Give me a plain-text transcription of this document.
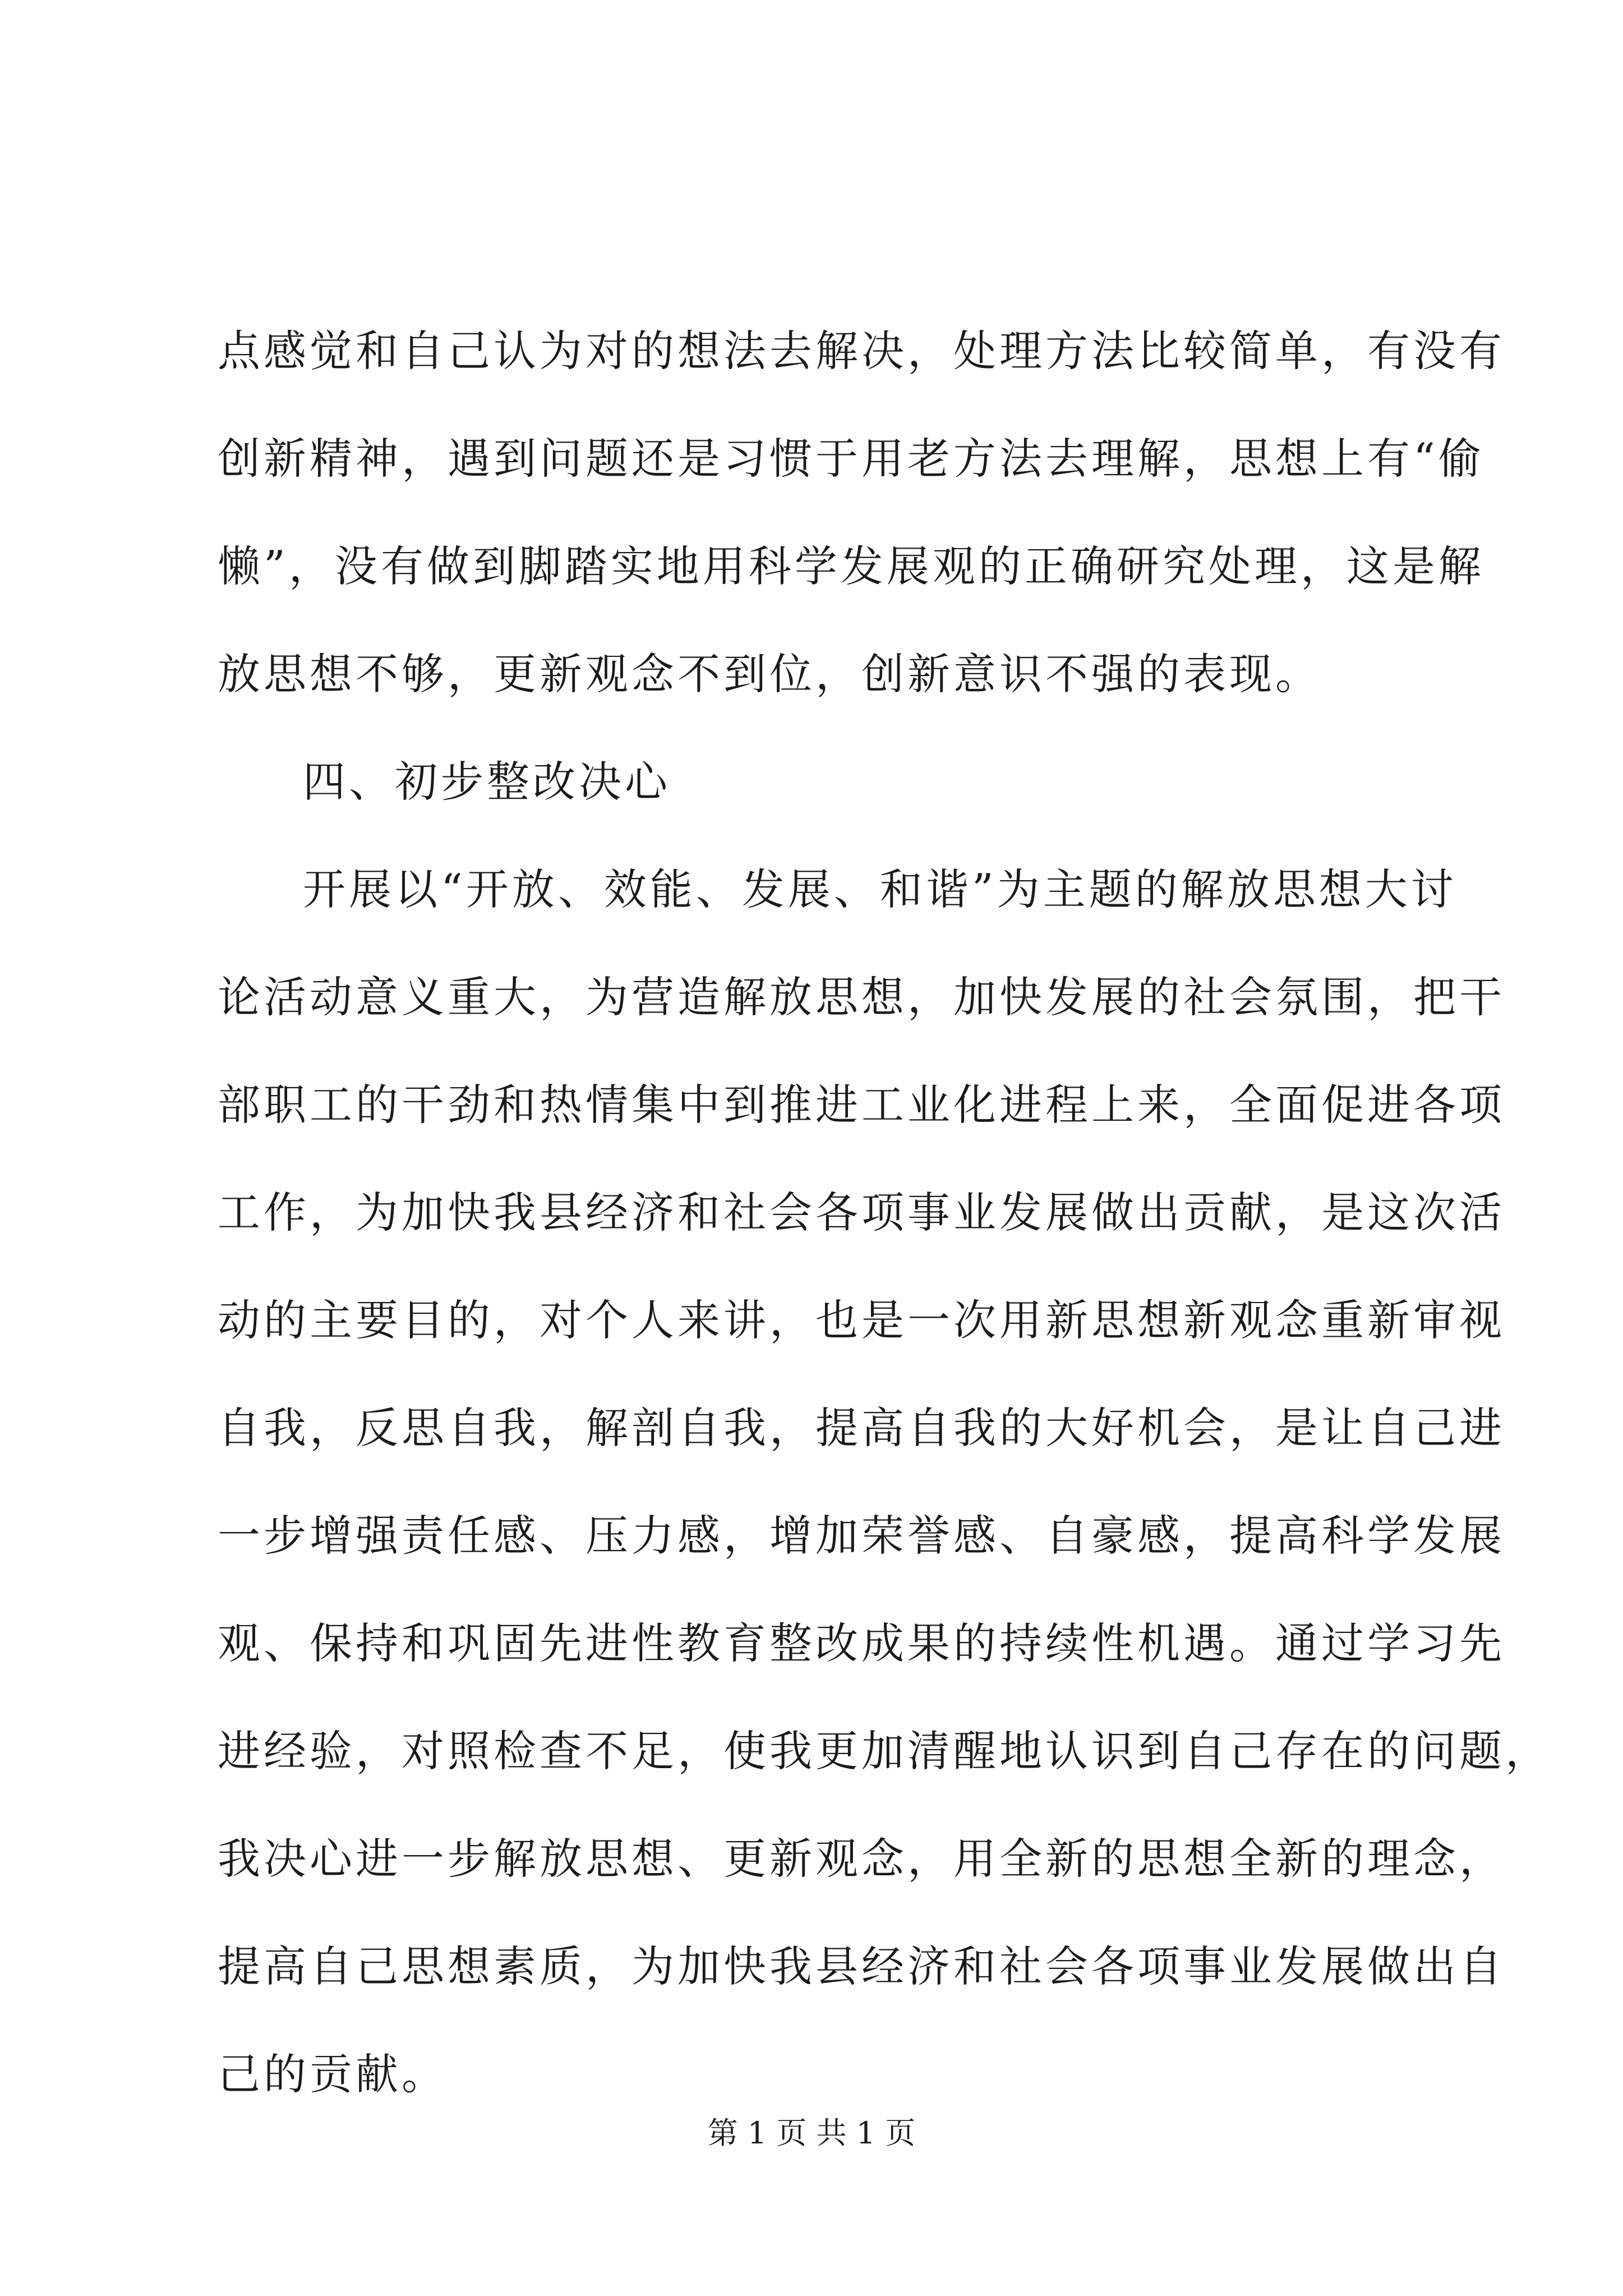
点感觉和自己认为对的想法去解决，处理方法比较简单，有没有
创新精神，遇到问题还是习惯于用老方法去理解，思想上有“偷
懒”，没有做到脚踏实地用科学发展观的正确研究处理，这是解
放思想不够，更新观念不到位，创新意识不强的表现。
四、初步整改决心
开展以“开放、效能、发展、和谐”为主题的解放思想大讨
论活动意义重大，为营造解放思想，加快发展的社会氛围，把干
部职工的干劲和热情集中到推进工业化进程上来，全面促进各项
工作，为加快我县经济和社会各项事业发展做出贡献，是这次活
动的主要目的，对个人来讲，也是一次用新思想新观念重新审视
自我，反思自我，解剖自我，提高自我的大好机会，是让自己进
一步增强责任感、压力感，增加荣誉感、自豪感，提高科学发展
观、保持和巩固先进性教育整改成果的持续性机遇。通过学习先
进经验，对照检查不足，使我更加清醒地认识到自己存在的问题，
我决心进一步解放思想、更新观念，用全新的思想全新的理念，
提高自己思想素质，为加快我县经济和社会各项事业发展做出自
己的贡献。
第 1 页 共 1 页
